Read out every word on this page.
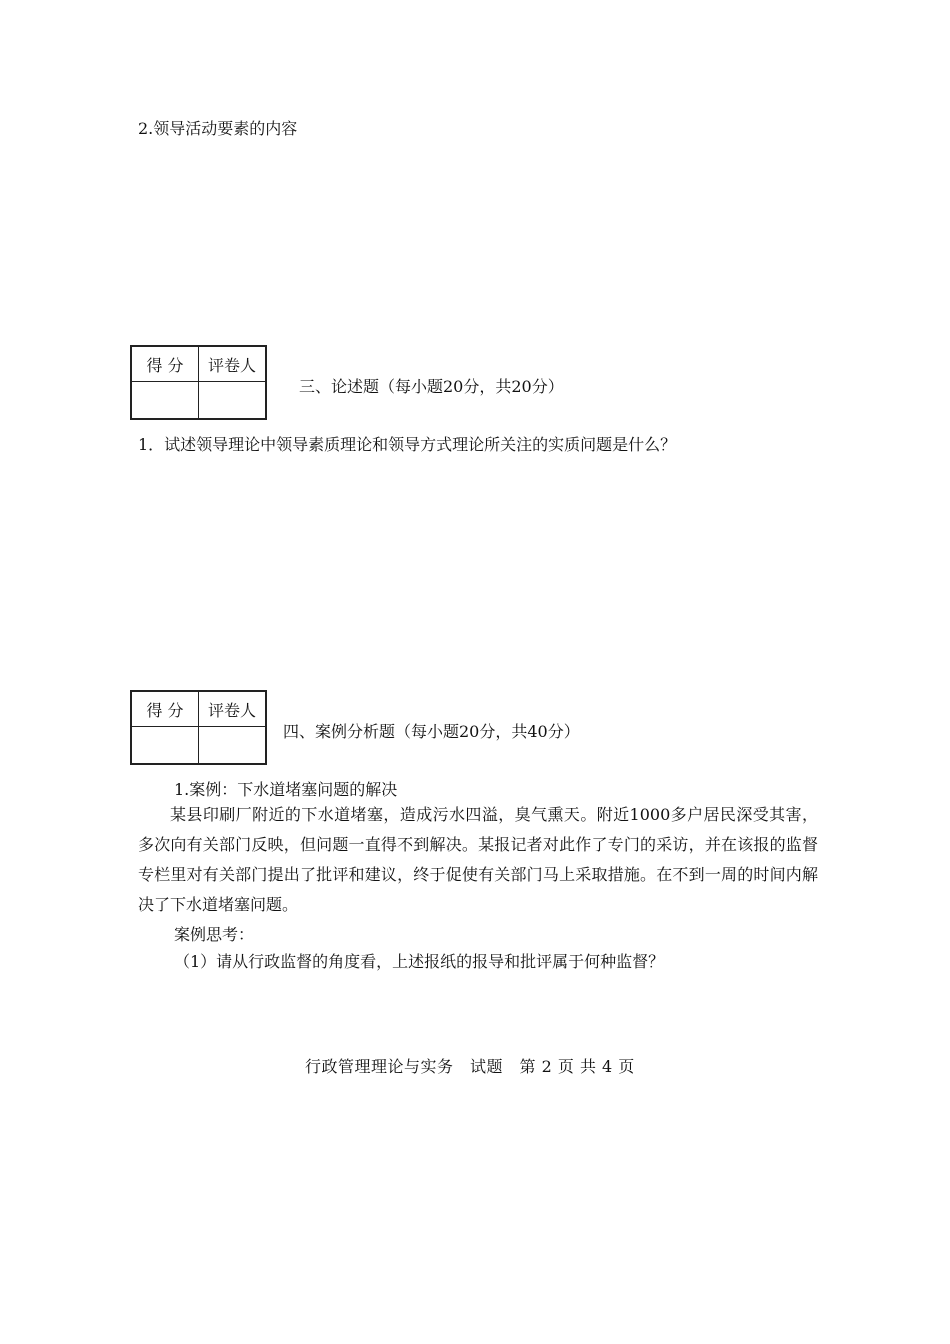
2.领导活动要素的内容
得 分	评卷人

三、论述题（每小题20分，共20分）
1．试述领导理论中领导素质理论和领导方式理论所关注的实质问题是什么？
得 分	评卷人

四、案例分析题（每小题20分，共40分）
1.案例：下水道堵塞问题的解决
某县印刷厂附近的下水道堵塞，造成污水四溢，臭气熏天。附近1000多户居民深受其害，多次向有关部门反映，但问题一直得不到解决。某报记者对此作了专门的采访，并在该报的监督专栏里对有关部门提出了批评和建议，终于促使有关部门马上采取措施。在不到一周的时间内解决了下水道堵塞问题。
案例思考：
（1）请从行政监督的角度看，上述报纸的报导和批评属于何种监督？
行政管理理论与实务　试题　第 2 页 共 4 页
